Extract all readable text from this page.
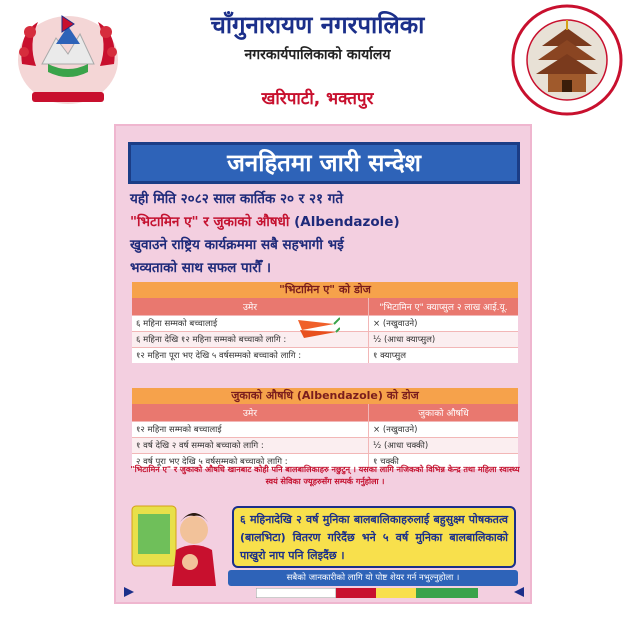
चाँगुनारायण नगरपालिका
नगरकार्यपालिकाको कार्यालय
खरिपाटी, भक्तपुर
जनहितमा जारी सन्देश
यही मिति २०८२ साल कार्तिक २० र २१ गते
"भिटामिन ए" र जुकाको औषधी (Albendazole)
खुवाउने राष्ट्रिय कार्यक्रममा सबै सहभागी भई
भव्यताको साथ सफल पारौँ ।
"भिटामिन ए" को डोज
उमेर	"भिटामिन ए" क्याप्सुल २ लाख आई.यू.
६ महिना सम्मको बच्चालाई	× (नखुवाउने)
६ महिना देखि १२ महिना सम्मको बच्चाको लागि :	½ (आधा क्याप्सुल)
१२ महिना पूरा भए देखि ५ वर्षसम्मको बच्चाको लागि :	१ क्याप्सुल
जुकाको औषधि (Albendazole) को डोज
उमेर	जुकाको औषधि
१२ महिना सम्मको बच्चालाई	× (नखुवाउने)
१ वर्ष देखि २ वर्ष सम्मको बच्चाको लागि :	½ (आधा चक्की)
२ वर्ष पूरा भए देखि ५ वर्षसम्मको बच्चाको लागि :	१ चक्की
"भिटामिन ए" र जुकाको औषधि खानबाट कोही पनि बालबालिकाहरु नछुटुन् । यसका लागि नजिकको विभिन्न केन्द्र तथा महिला स्वास्थ्य स्वयं सेविका ज्यूहरुसँग सम्पर्क गर्नुहोला ।
६ महिनादेखि २ वर्ष मुनिका बालबालिकाहरुलाई बहुसुक्ष्म पोषकतत्व (बालभिटा) वितरण गरिदैंछ भने ५ वर्ष मुनिका बालबालिकाको पाखुरो नाप पनि लिइदैंछ ।
सबैको जानकारीको लागि यो पोष्ट शेयर गर्न नभुल्नुहोला ।
